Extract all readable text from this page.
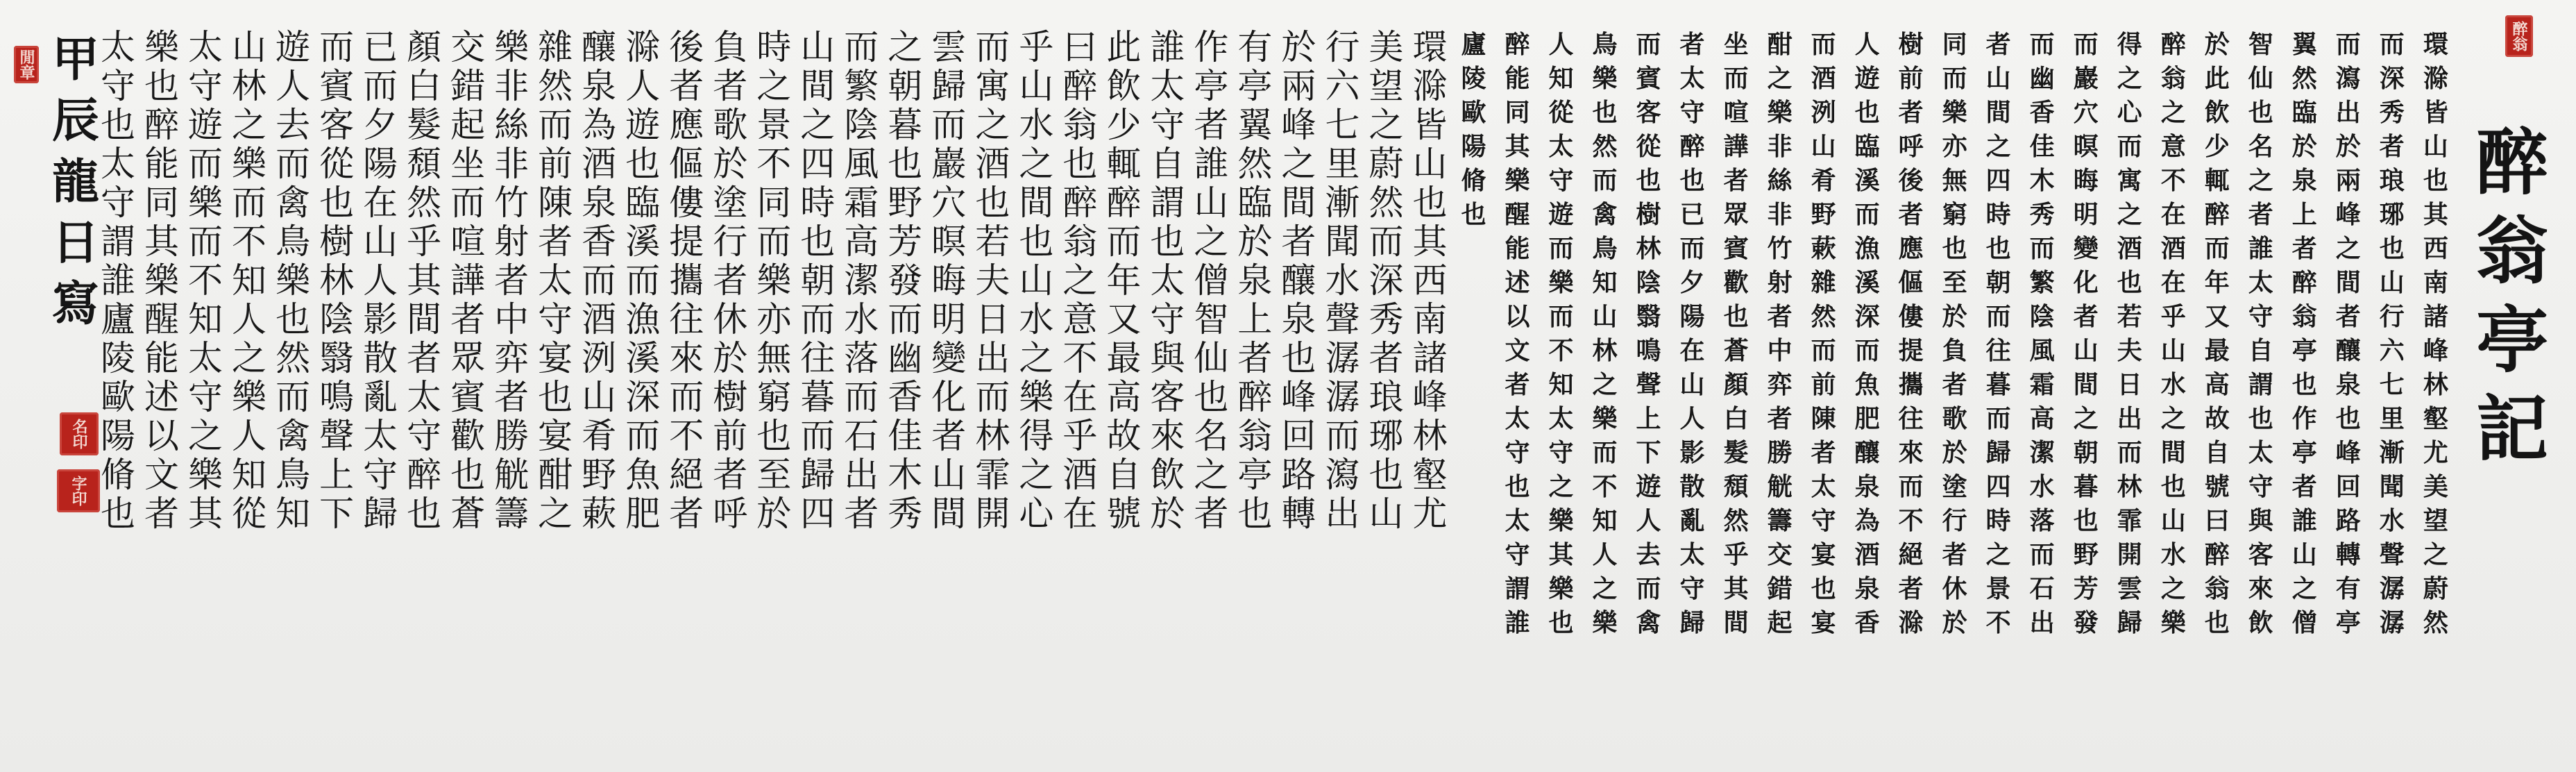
醉
翁
亭
記
環
滁
皆
山
也
其
西
南
諸
峰
林
壑
尤
美
望
之
蔚
然
而
深
秀
者
琅
琊
也
山
行
六
七
里
漸
聞
水
聲
潺
潺
而
瀉
出
於
兩
峰
之
間
者
釀
泉
也
峰
回
路
轉
有
亭
翼
然
臨
於
泉
上
者
醉
翁
亭
也
作
亭
者
誰
山
之
僧
智
仙
也
名
之
者
誰
太
守
自
謂
也
太
守
與
客
來
飲
於
此
飲
少
輒
醉
而
年
又
最
高
故
自
號
曰
醉
翁
也
醉
翁
之
意
不
在
酒
在
乎
山
水
之
間
也
山
水
之
樂
得
之
心
而
寓
之
酒
也
若
夫
日
出
而
林
霏
開
雲
歸
而
巖
穴
暝
晦
明
變
化
者
山
間
之
朝
暮
也
野
芳
發
而
幽
香
佳
木
秀
而
繁
陰
風
霜
高
潔
水
落
而
石
出
者
山
間
之
四
時
也
朝
而
往
暮
而
歸
四
時
之
景
不
同
而
樂
亦
無
窮
也
至
於
負
者
歌
於
塗
行
者
休
於
樹
前
者
呼
後
者
應
傴
僂
提
攜
往
來
而
不
絕
者
滁
人
遊
也
臨
溪
而
漁
溪
深
而
魚
肥
釀
泉
為
酒
泉
香
而
酒
洌
山
肴
野
蔌
雜
然
而
前
陳
者
太
守
宴
也
宴
酣
之
樂
非
絲
非
竹
射
者
中
弈
者
勝
觥
籌
交
錯
起
坐
而
喧
譁
者
眾
賓
歡
也
蒼
顏
白
髮
頹
然
乎
其
間
者
太
守
醉
也
已
而
夕
陽
在
山
人
影
散
亂
太
守
歸
而
賓
客
從
也
樹
林
陰
翳
鳴
聲
上
下
遊
人
去
而
禽
鳥
樂
也
然
而
禽
鳥
知
山
林
之
樂
而
不
知
人
之
樂
人
知
從
太
守
遊
而
樂
而
不
知
太
守
之
樂
其
樂
也
醉
能
同
其
樂
醒
能
述
以
文
者
太
守
也
太
守
謂
誰
廬
陵
歐
陽
脩
也
環
滁
皆
山
也
其
西
南
諸
峰
林
壑
尤
美
望
之
蔚
然
而
深
秀
者
琅
琊
也
山
行
六
七
里
漸
聞
水
聲
潺
潺
而
瀉
出
於
兩
峰
之
間
者
釀
泉
也
峰
回
路
轉
有
亭
翼
然
臨
於
泉
上
者
醉
翁
亭
也
作
亭
者
誰
山
之
僧
智
仙
也
名
之
者
誰
太
守
自
謂
也
太
守
與
客
來
飲
於
此
飲
少
輒
醉
而
年
又
最
高
故
自
號
曰
醉
翁
也
醉
翁
之
意
不
在
乎
酒
在
乎
山
水
之
間
也
山
水
之
樂
得
之
心
而
寓
之
酒
也
若
夫
日
出
而
林
霏
開
雲
歸
而
巖
穴
暝
晦
明
變
化
者
山
間
之
朝
暮
也
野
芳
發
而
幽
香
佳
木
秀
而
繁
陰
風
霜
高
潔
水
落
而
石
出
者
山
間
之
四
時
也
朝
而
往
暮
而
歸
四
時
之
景
不
同
而
樂
亦
無
窮
也
至
於
負
者
歌
於
塗
行
者
休
於
樹
前
者
呼
後
者
應
傴
僂
提
攜
往
來
而
不
絕
者
滁
人
遊
也
臨
溪
而
漁
溪
深
而
魚
肥
釀
泉
為
酒
泉
香
而
酒
洌
山
肴
野
蔌
雜
然
而
前
陳
者
太
守
宴
也
宴
酣
之
樂
非
絲
非
竹
射
者
中
弈
者
勝
觥
籌
交
錯
起
坐
而
喧
譁
者
眾
賓
歡
也
蒼
顏
白
髮
頹
然
乎
其
間
者
太
守
醉
也
已
而
夕
陽
在
山
人
影
散
亂
太
守
歸
而
賓
客
從
也
樹
林
陰
翳
鳴
聲
上
下
遊
人
去
而
禽
鳥
樂
也
然
而
禽
鳥
知
山
林
之
樂
而
不
知
人
之
樂
人
知
從
太
守
遊
而
樂
而
不
知
太
守
之
樂
其
樂
也
醉
能
同
其
樂
醒
能
述
以
文
者
太
守
也
太
守
謂
誰
廬
陵
歐
陽
脩
也
甲
辰
龍
日
寫
醉翁
閒章
名印
字印
